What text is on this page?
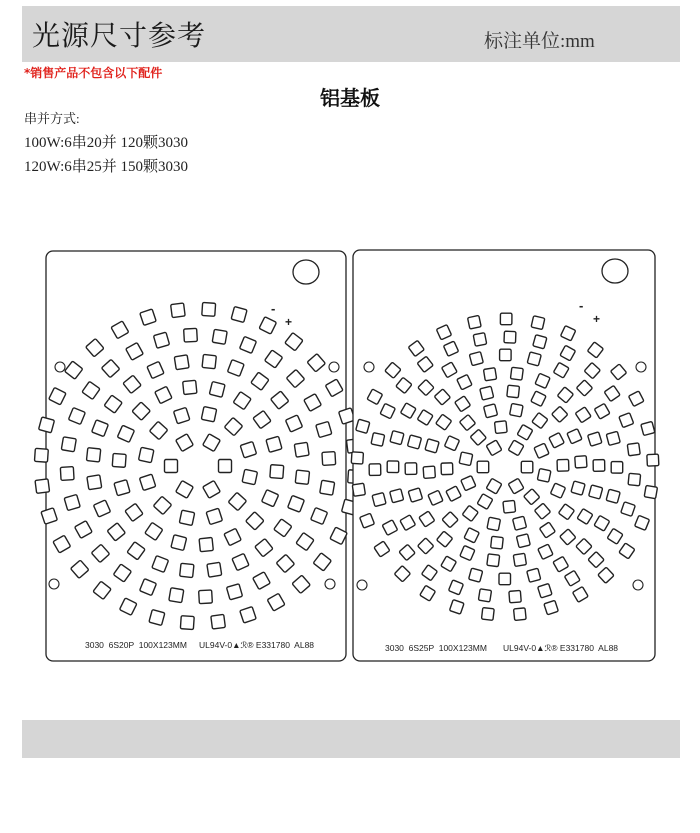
光源尺寸参考	标注单位:mm
*销售产品不包含以下配件
铝基板
串并方式:
100W:6串20并 120颗3030
120W:6串25并 150颗3030
-
+
3030  6S20P  100X123MM UL94V-0▲ℛ® E331780  AL88
-
+
3030  6S25P  100X123MM UL94V-0▲ℛ® E331780  AL88
